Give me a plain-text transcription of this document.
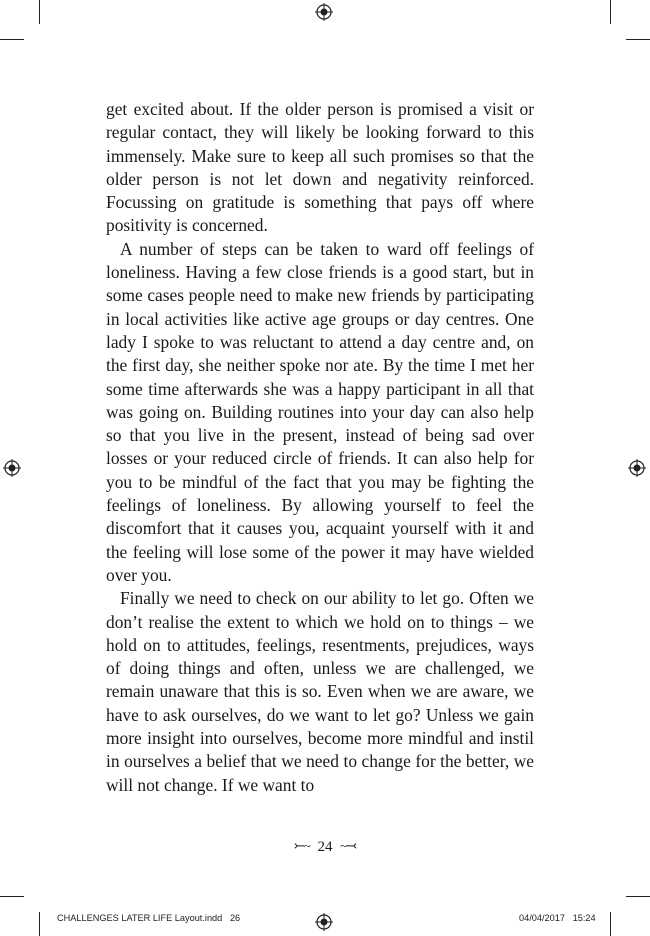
get excited about. If the older person is promised a visit or regular contact, they will likely be looking forward to this immensely. Make sure to keep all such promises so that the older person is not let down and negativity reinforced. Focussing on gratitude is something that pays off where positivity is concerned.

A number of steps can be taken to ward off feelings of loneliness. Having a few close friends is a good start, but in some cases people need to make new friends by participating in local activities like active age groups or day centres. One lady I spoke to was reluctant to attend a day centre and, on the first day, she neither spoke nor ate. By the time I met her some time afterwards she was a happy participant in all that was going on. Building routines into your day can also help so that you live in the present, instead of being sad over losses or your reduced circle of friends. It can also help for you to be mindful of the fact that you may be fighting the feelings of loneliness. By allowing yourself to feel the discomfort that it causes you, acquaint yourself with it and the feeling will lose some of the power it may have wielded over you.

Finally we need to check on our ability to let go. Often we don’t realise the extent to which we hold on to things – we hold on to attitudes, feelings, resentments, prejudices, ways of doing things and often, unless we are challenged, we remain unaware that this is so. Even when we are aware, we have to ask ourselves, do we want to let go? Unless we gain more insight into ourselves, become more mindful and instil in ourselves a belief that we need to change for the better, we will not change. If we want to

⤚~ 24 ~⤙
CHALLENGES LATER LIFE Layout.indd   26	04/04/2017   15:24
